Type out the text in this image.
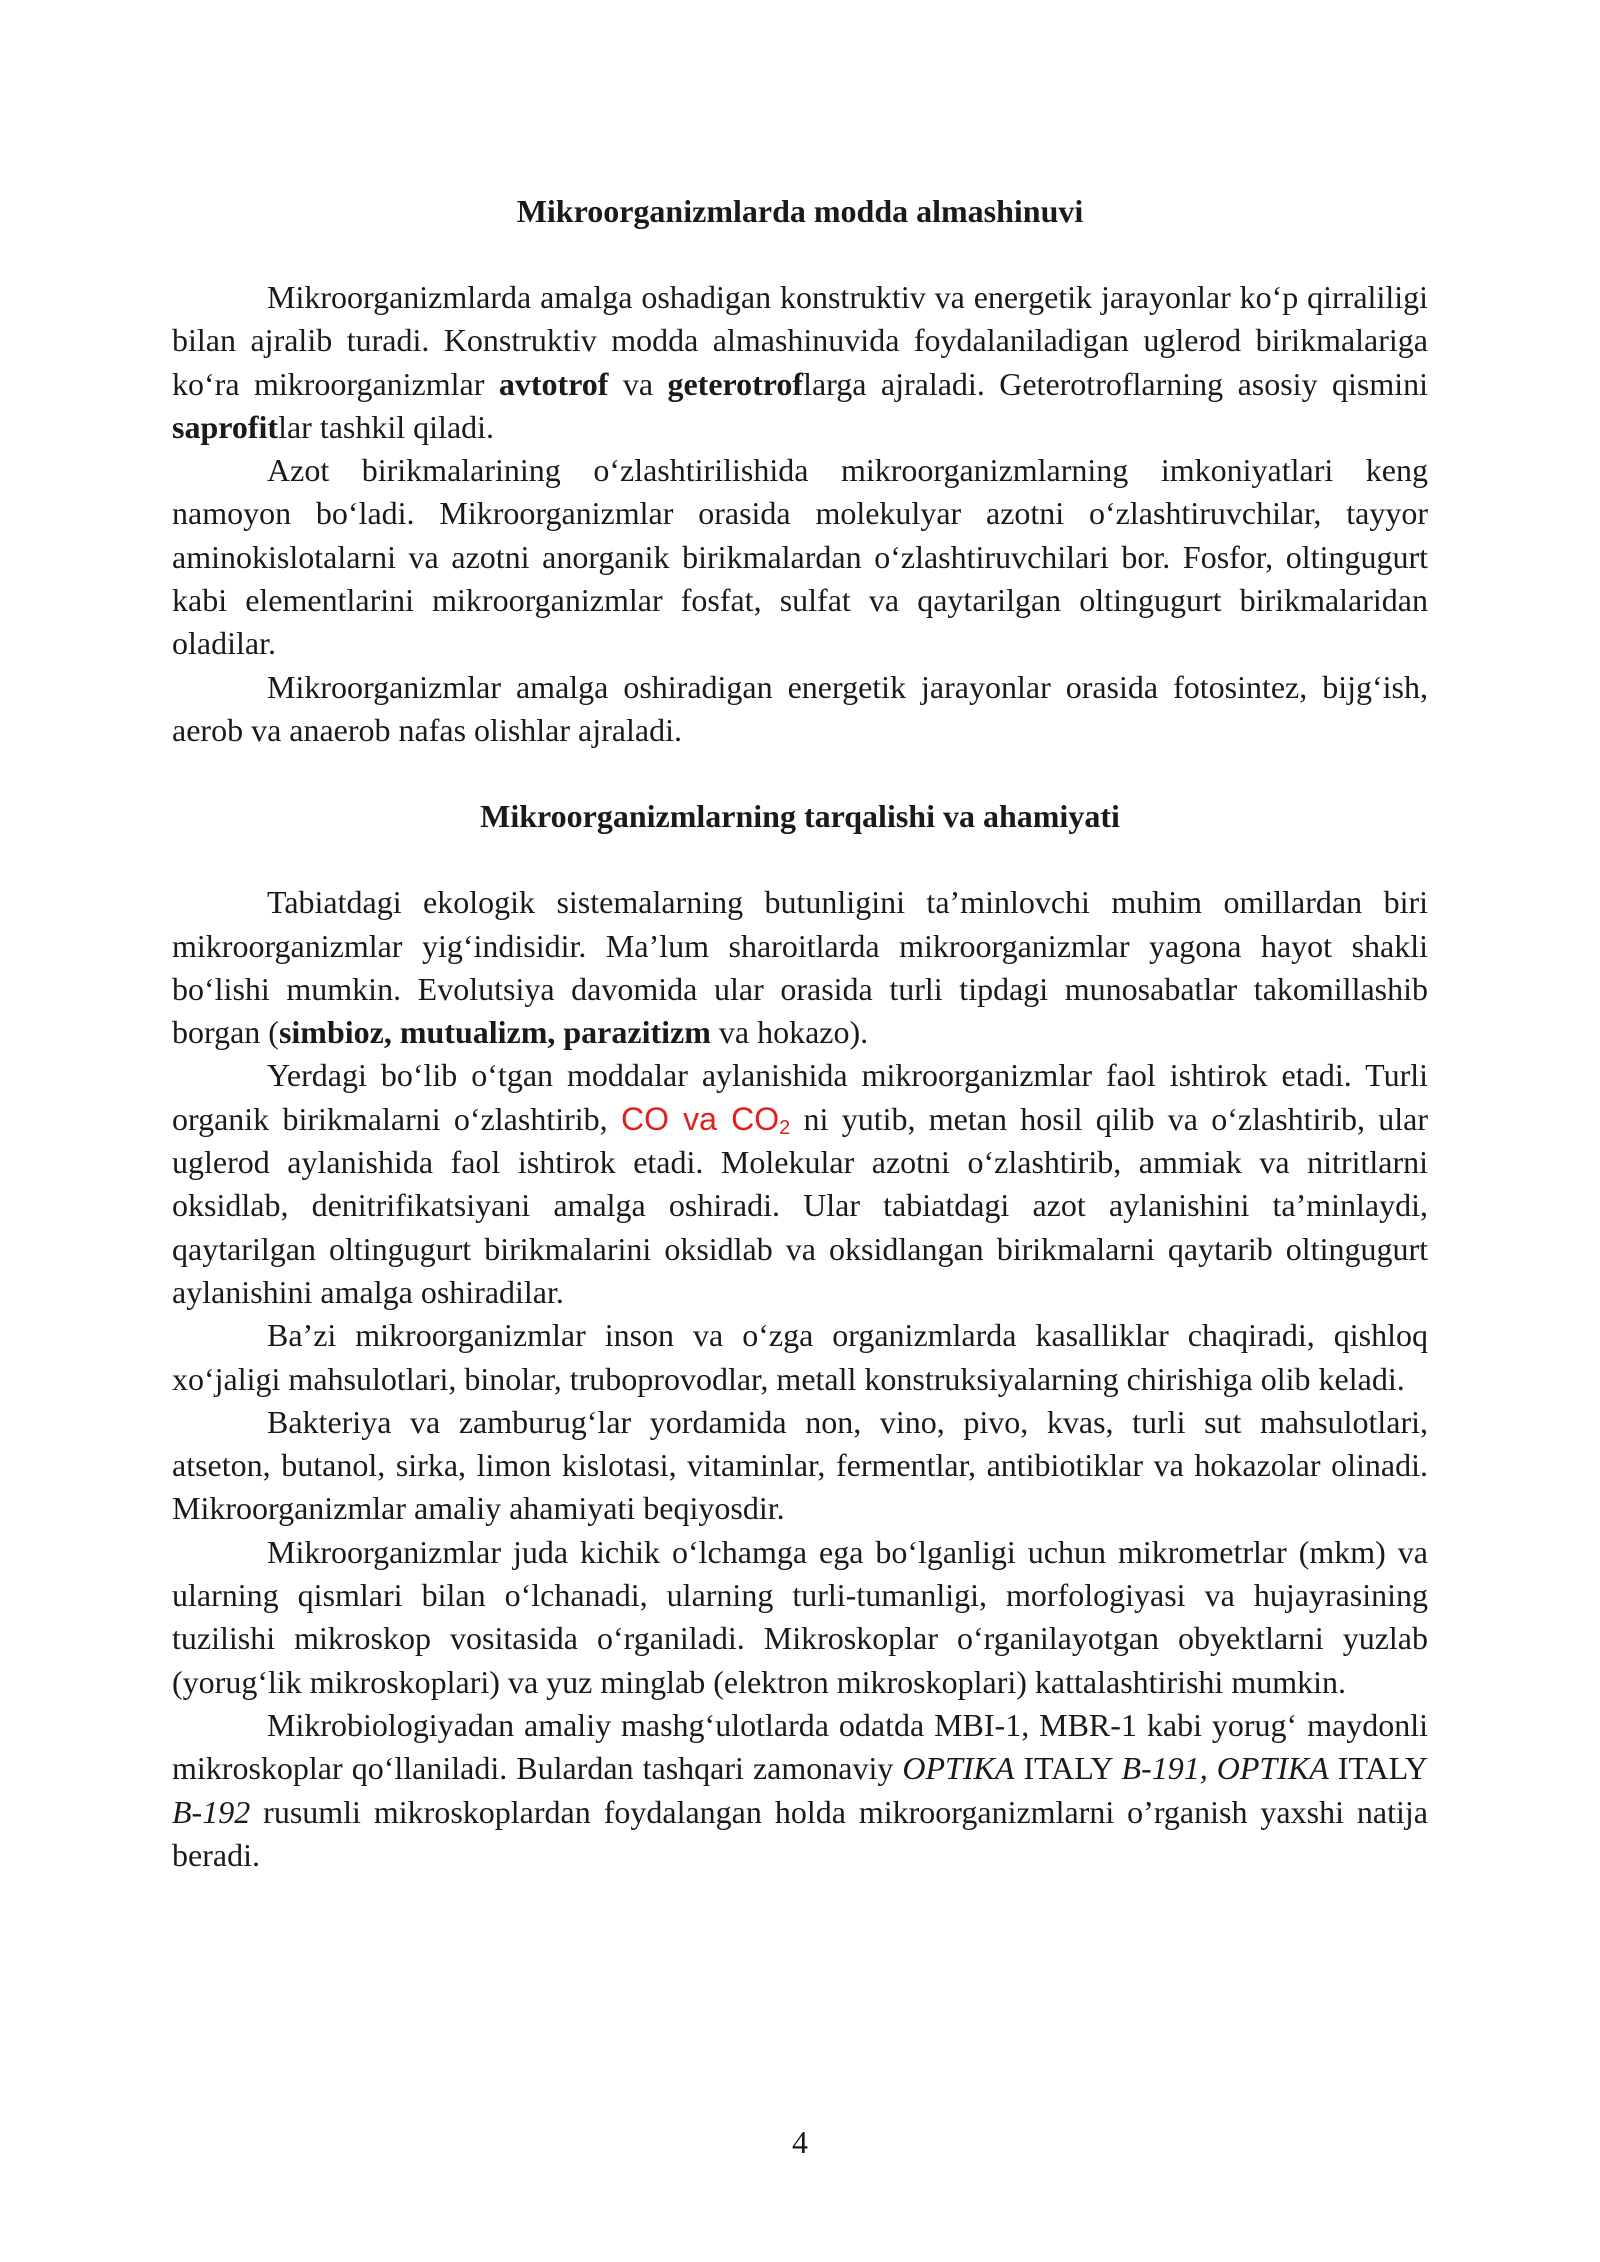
Mikroorganizmlarda modda almashinuvi

Mikroorganizmlarda amalga oshadigan konstruktiv va energetik jarayonlar ko‘p qirraliligi bilan ajralib turadi. Konstruktiv modda almashinuvida foydalaniladigan uglerod birikmalariga ko‘ra mikroorganizmlar avtotrof va geterotroflarga ajraladi. Geterotroflarning asosiy qismini saprofitlar tashkil qiladi.

Azot birikmalarining o‘zlashtirilishida mikroorganizmlarning imkoniyatlari keng namoyon bo‘ladi. Mikroorganizmlar orasida molekulyar azotni o‘zlashtiruvchilar, tayyor aminokislotalarni va azotni anorganik birikmalardan o‘zlashtiruvchilari bor. Fosfor, oltingugurt kabi elementlarini mikroorganizmlar fosfat, sulfat va qaytarilgan oltingugurt birikmalaridan oladilar.

Mikroorganizmlar amalga oshiradigan energetik jarayonlar orasida fotosintez, bijg‘ish, aerob va anaerob nafas olishlar ajraladi.

Mikroorganizmlarning tarqalishi va ahamiyati

Tabiatdagi ekologik sistemalarning butunligini ta’minlovchi muhim omillardan biri mikroorganizmlar yig‘indisidir. Ma’lum sharoitlarda mikroorganizmlar yagona hayot shakli bo‘lishi mumkin. Evolutsiya davomida ular orasida turli tipdagi munosabatlar takomillashib borgan (simbioz, mutualizm, parazitizm va hokazo).

Yerdagi bo‘lib o‘tgan moddalar aylanishida mikroorganizmlar faol ishtirok etadi. Turli organik birikmalarni o‘zlashtirib, CO va $CO_2$ ni yutib, metan hosil qilib va o‘zlashtirib, ular uglerod aylanishida faol ishtirok etadi. Molekular azotni o‘zlashtirib, ammiak va nitritlarni oksidlab, denitrifikatsiyani amalga oshiradi. Ular tabiatdagi azot aylanishini ta’minlaydi, qaytarilgan oltingugurt birikmalarini oksidlab va oksidlangan birikmalarni qaytarib oltingugurt aylanishini amalga oshiradilar.

Ba’zi mikroorganizmlar inson va o‘zga organizmlarda kasalliklar chaqiradi, qishloq xo‘jaligi mahsulotlari, binolar, truboprovodlar, metall konstruksiyalarning chirishiga olib keladi.

Bakteriya va zamburug‘lar yordamida non, vino, pivo, kvas, turli sut mahsulotlari, atseton, butanol, sirka, limon kislotasi, vitaminlar, fermentlar, antibiotiklar va hokazolar olinadi. Mikroorganizmlar amaliy ahamiyati beqiyosdir.

Mikroorganizmlar juda kichik o‘lchamga ega bo‘lganligi uchun mikrometrlar (mkm) va ularning qismlari bilan o‘lchanadi, ularning turli-tumanligi, morfologiyasi va hujayrasining tuzilishi mikroskop vositasida o‘rganiladi. Mikroskoplar o‘rganilayotgan obyektlarni yuzlab (yorug‘lik mikroskoplari) va yuz minglab (elektron mikroskoplari) kattalashtirishi mumkin.

Mikrobiologiyadan amaliy mashg‘ulotlarda odatda MBI-1, MBR-1 kabi yorug‘ maydonli mikroskoplar qo‘llaniladi. Bulardan tashqari zamonaviy OPTIKA ITALY B-191, OPTIKA ITALY B-192 rusumli mikroskoplardan foydalangan holda mikroorganizmlarni o’rganish yaxshi natija beradi.

4
